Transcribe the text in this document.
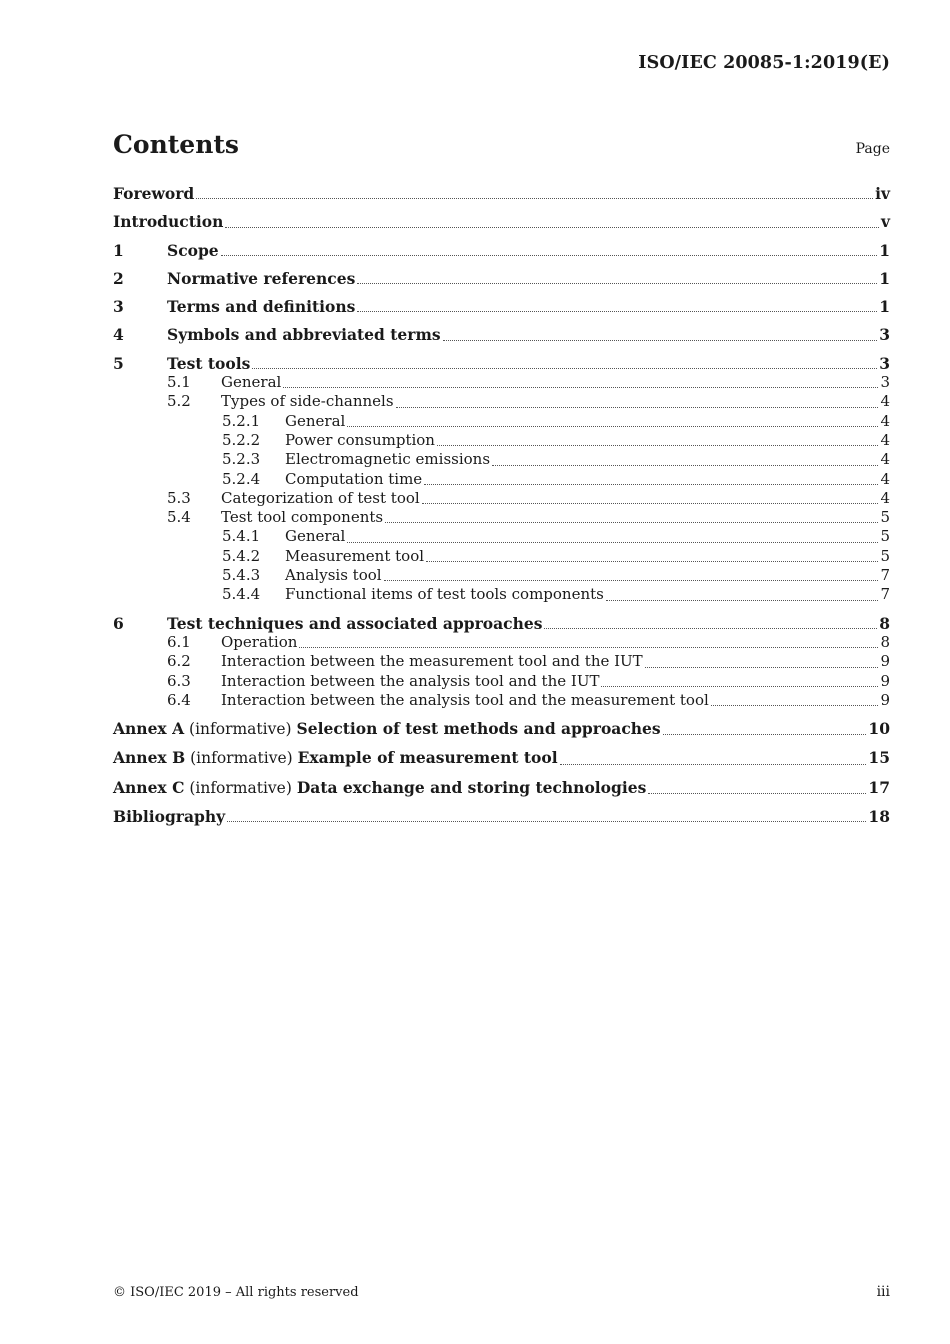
ISO/IEC 20085-1:2019(E)
Contents	Page
Foreword	iv
Introduction	v
1	Scope	1
2	Normative references	1
3	Terms and definitions	1
4	Symbols and abbreviated terms	3
5	Test tools	3
5.1	General	3
5.2	Types of side-channels	4
5.2.1	General	4
5.2.2	Power consumption	4
5.2.3	Electromagnetic emissions	4
5.2.4	Computation time	4
5.3	Categorization of test tool	4
5.4	Test tool components	5
5.4.1	General	5
5.4.2	Measurement tool	5
5.4.3	Analysis tool	7
5.4.4	Functional items of test tools components	7
6	Test techniques and associated approaches	8
6.1	Operation	8
6.2	Interaction between the measurement tool and the IUT	9
6.3	Interaction between the analysis tool and the IUT	9
6.4	Interaction between the analysis tool and the measurement tool	9
Annex A (informative) Selection of test methods and approaches	10
Annex B (informative) Example of measurement tool	15
Annex C (informative) Data exchange and storing technologies	17
Bibliography	18
© ISO/IEC 2019 – All rights reserved	iii
